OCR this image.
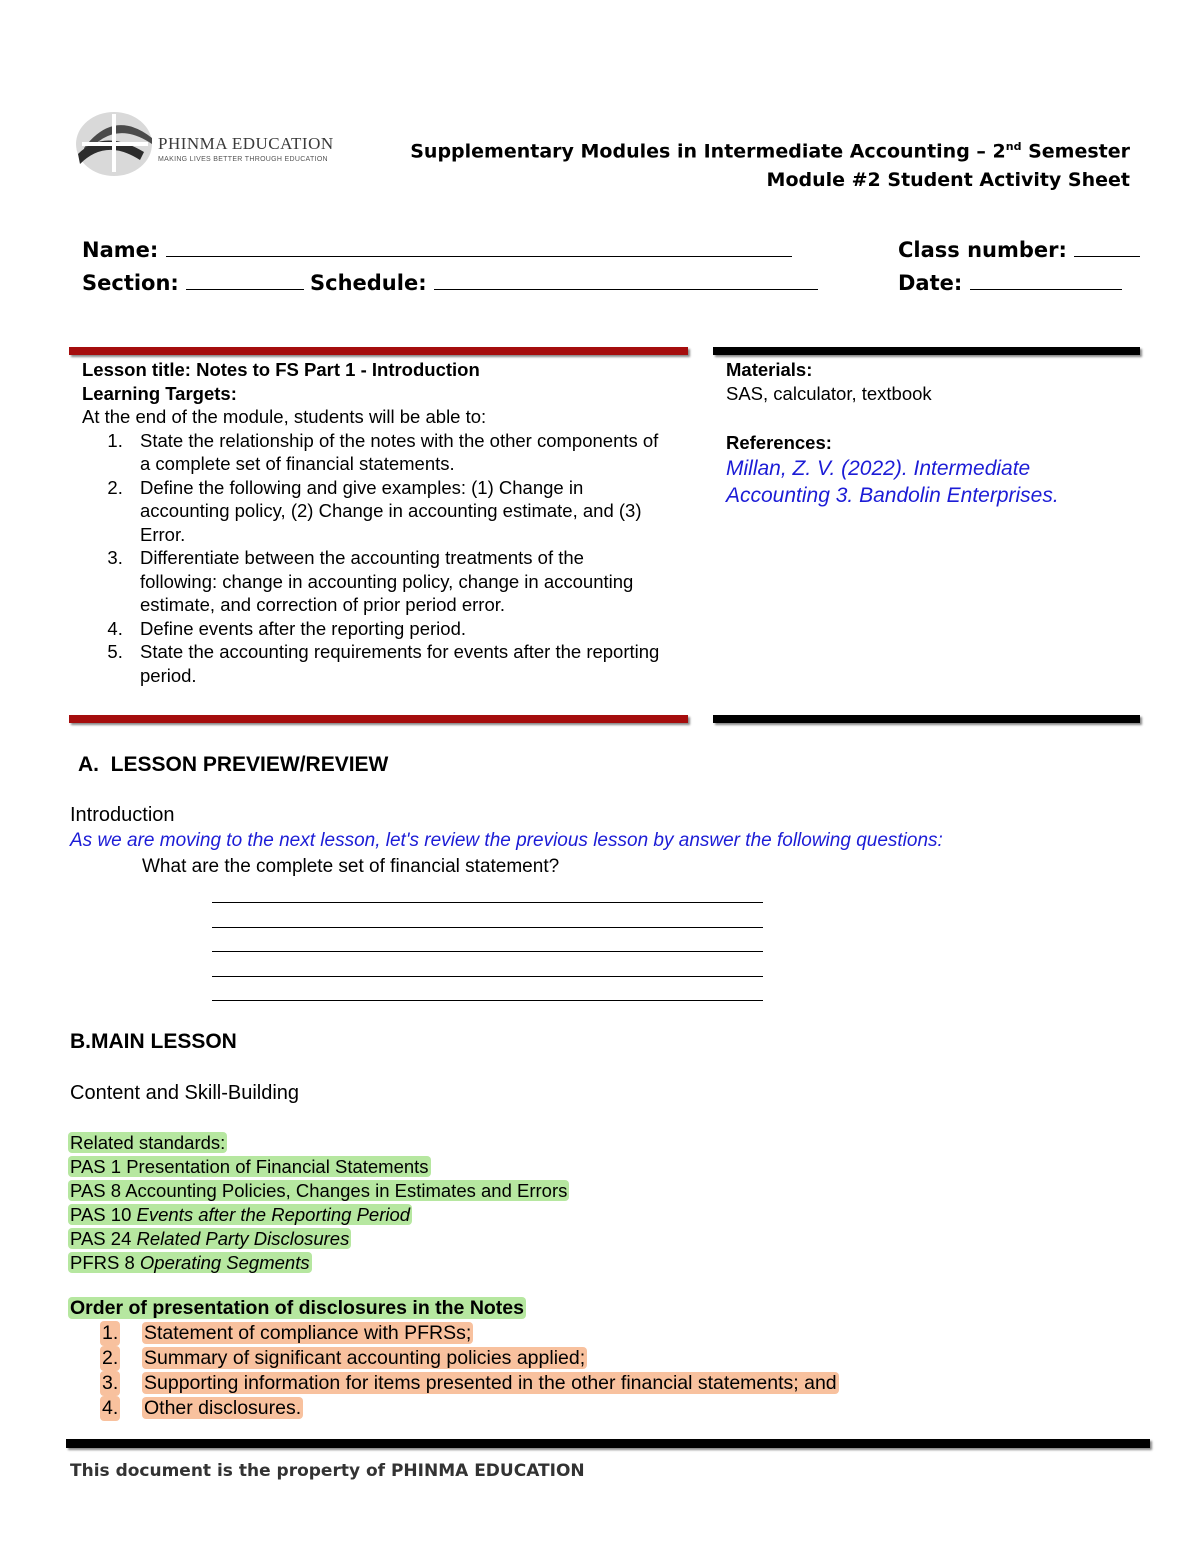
PHINMA EDUCATION
MAKING LIVES BETTER THROUGH EDUCATION	Supplementary Modules in Intermediate Accounting – 2nd Semester
Module #2 Student Activity Sheet
Name:	Class number:
Section:	Schedule:	Date:
Lesson title: Notes to FS Part 1 - Introduction
Learning Targets:
At the end of the module, students will be able to:
1. State the relationship of the notes with the other components of a complete set of financial statements.
2. Define the following and give examples: (1) Change in accounting policy, (2) Change in accounting estimate, and (3) Error.
3. Differentiate between the accounting treatments of the following: change in accounting policy, change in accounting estimate, and correction of prior period error.
4. Define events after the reporting period.
5. State the accounting requirements for events after the reporting period.
Materials:
SAS, calculator, textbook
References:
Millan, Z. V. (2022). Intermediate Accounting 3. Bandolin Enterprises.
A.  LESSON PREVIEW/REVIEW
Introduction
As we are moving to the next lesson, let's review the previous lesson by answer the following questions:
What are the complete set of financial statement?
B.MAIN LESSON
Content and Skill-Building
Related standards:
PAS 1 Presentation of Financial Statements
PAS 8 Accounting Policies, Changes in Estimates and Errors
PAS 10 Events after the Reporting Period
PAS 24 Related Party Disclosures
PFRS 8 Operating Segments
Order of presentation of disclosures in the Notes
1. Statement of compliance with PFRSs;
2. Summary of significant accounting policies applied;
3. Supporting information for items presented in the other financial statements; and
4. Other disclosures.
This document is the property of PHINMA EDUCATION
